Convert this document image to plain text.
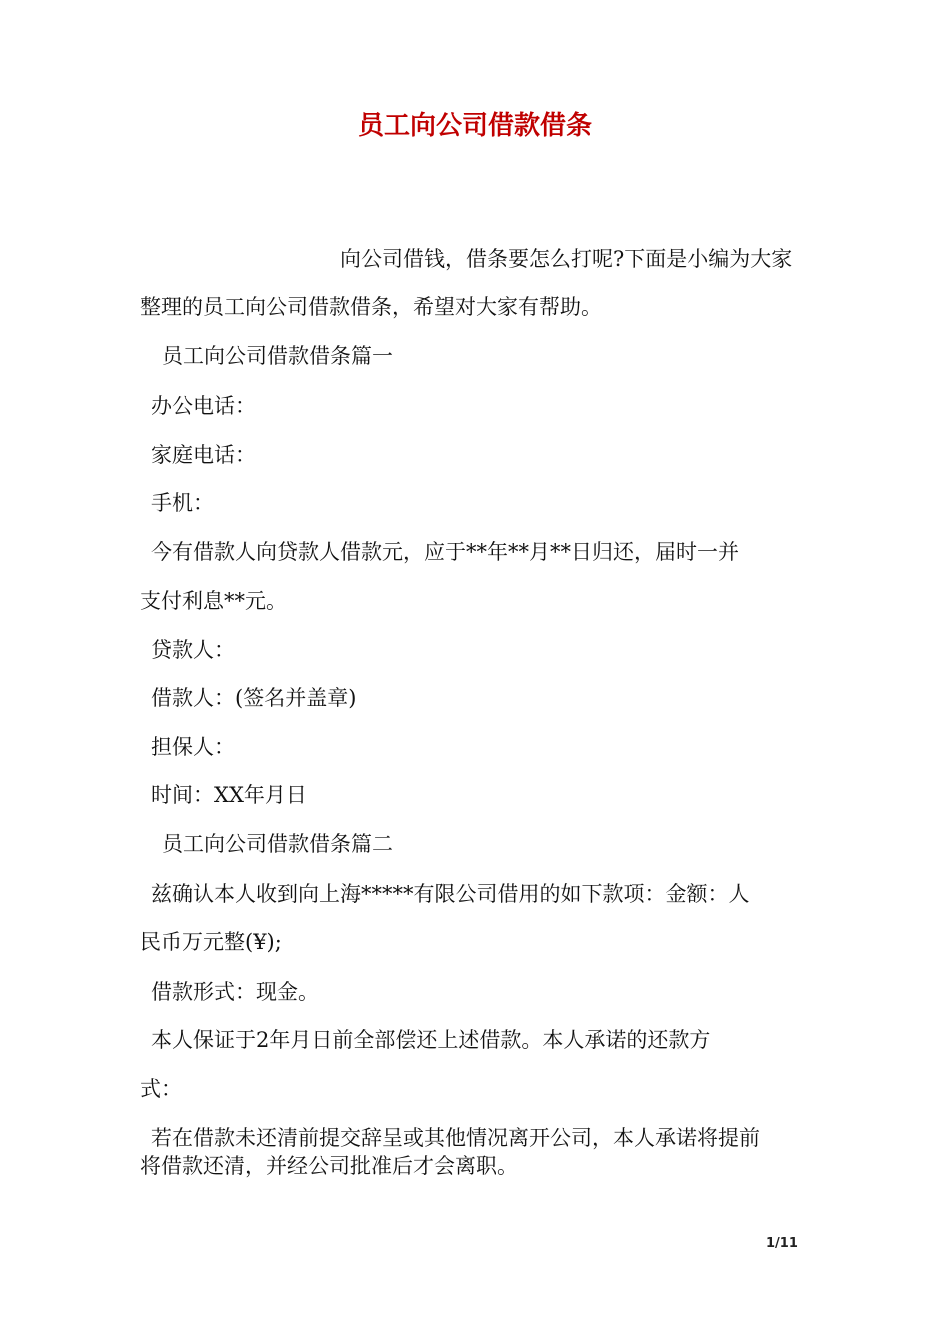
员工向公司借款借条

向公司借钱，借条要怎么打呢?下面是小编为大家

整理的员工向公司借款借条，希望对大家有帮助。

员工向公司借款借条篇一

办公电话：

家庭电话：

手机：

今有借款人向贷款人借款元，应于**年**月**日归还，届时一并

支付利息**元。

贷款人：

借款人：(签名并盖章)

担保人：

时间：XX年月日

员工向公司借款借条篇二

兹确认本人收到向上海*****有限公司借用的如下款项：金额：人

民币万元整(¥);

借款形式：现金。

本人保证于2年月日前全部偿还上述借款。本人承诺的还款方

式：

若在借款未还清前提交辞呈或其他情况离开公司，本人承诺将提前

将借款还清，并经公司批准后才会离职。

1/11
